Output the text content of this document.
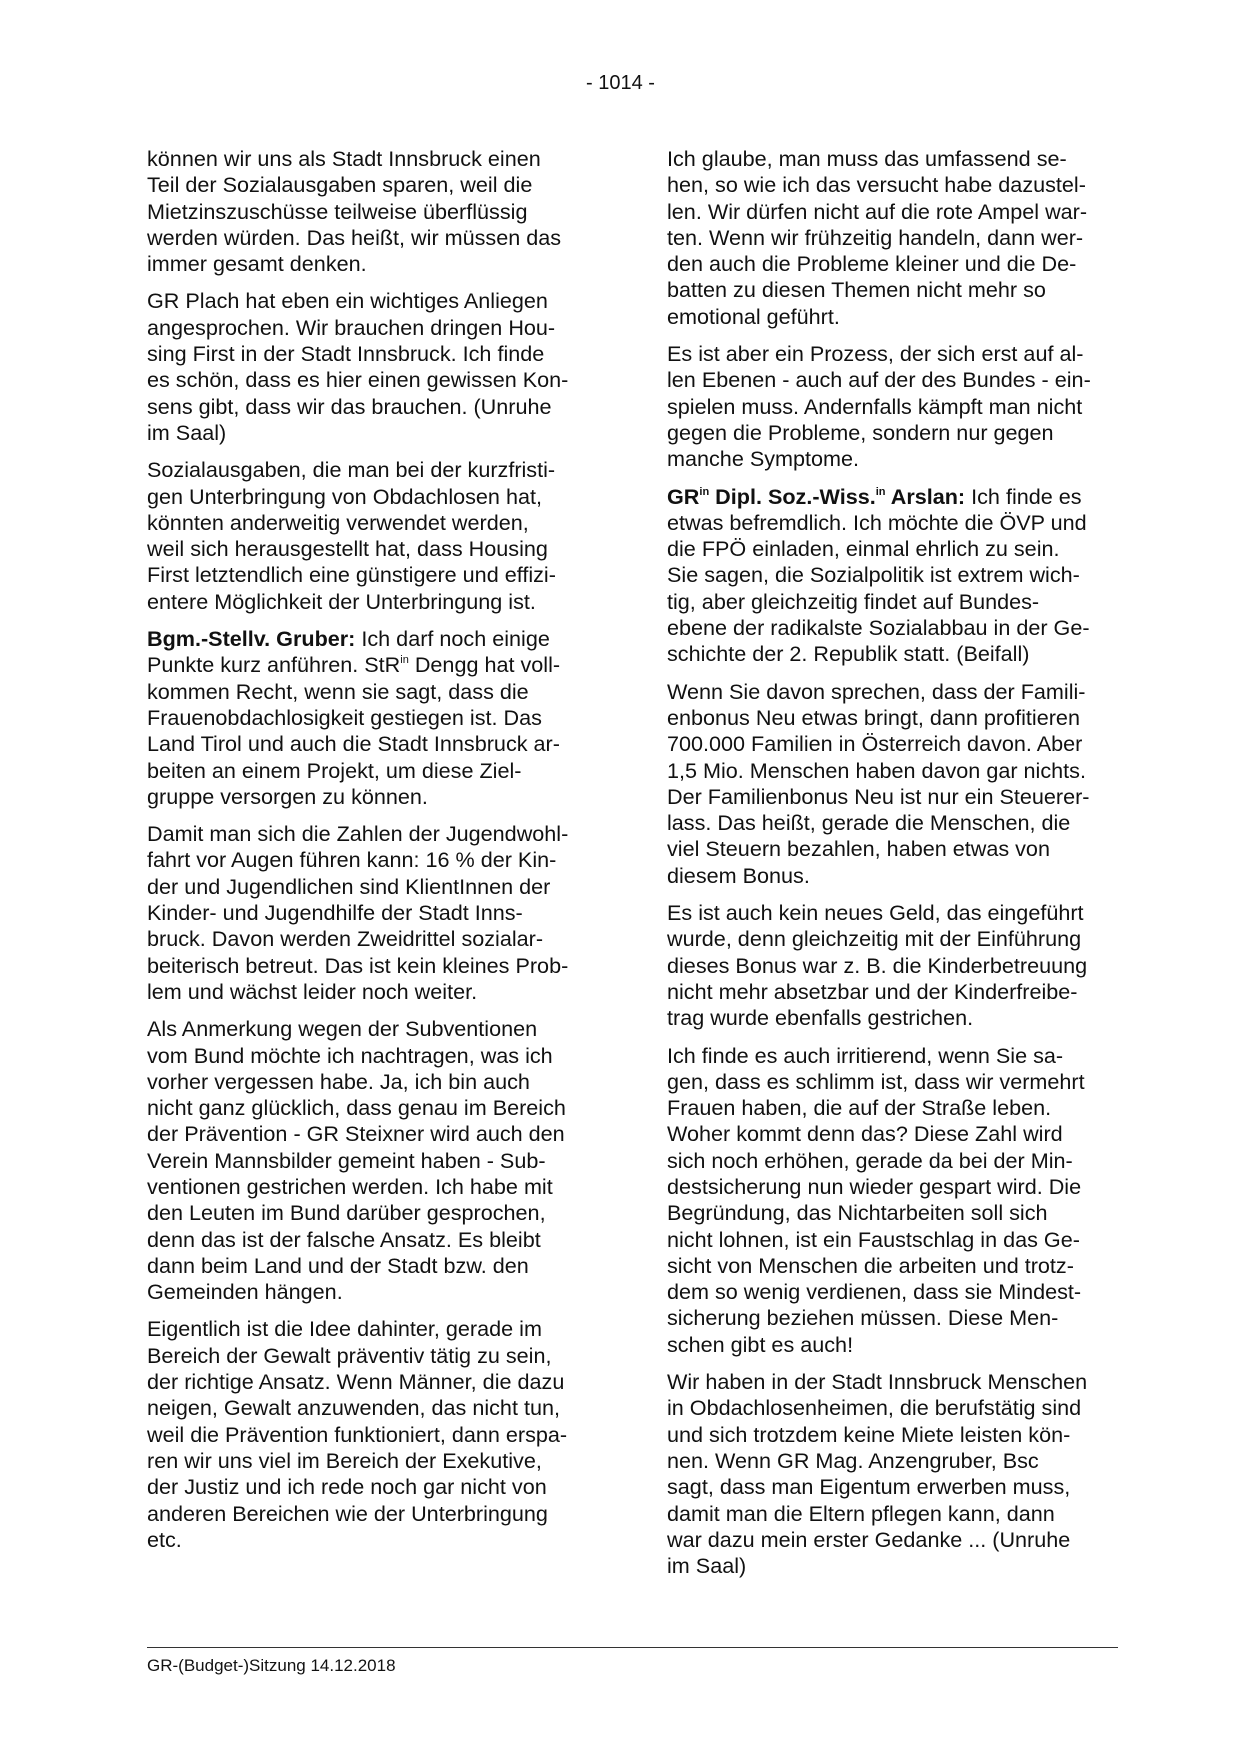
- 1014 -

können wir uns als Stadt Innsbruck einen
Teil der Sozialausgaben sparen, weil die
Mietzinszuschüsse teilweise überflüssig
werden würden. Das heißt, wir müssen das
immer gesamt denken.

GR Plach hat eben ein wichtiges Anliegen
angesprochen. Wir brauchen dringen Hou-
sing First in der Stadt Innsbruck. Ich finde
es schön, dass es hier einen gewissen Kon-
sens gibt, dass wir das brauchen. (Unruhe
im Saal)

Sozialausgaben, die man bei der kurzfristi-
gen Unterbringung von Obdachlosen hat,
könnten anderweitig verwendet werden,
weil sich herausgestellt hat, dass Housing
First letztendlich eine günstigere und effizi-
entere Möglichkeit der Unterbringung ist.

Bgm.-Stellv. Gruber: Ich darf noch einige
Punkte kurz anführen. StR$^{in}$ Dengg hat voll-
kommen Recht, wenn sie sagt, dass die
Frauenobdachlosigkeit gestiegen ist. Das
Land Tirol und auch die Stadt Innsbruck ar-
beiten an einem Projekt, um diese Ziel-
gruppe versorgen zu können.

Damit man sich die Zahlen der Jugendwohl-
fahrt vor Augen führen kann: 16 % der Kin-
der und Jugendlichen sind KlientInnen der
Kinder- und Jugendhilfe der Stadt Inns-
bruck. Davon werden Zweidrittel sozialar-
beiterisch betreut. Das ist kein kleines Prob-
lem und wächst leider noch weiter.

Als Anmerkung wegen der Subventionen
vom Bund möchte ich nachtragen, was ich
vorher vergessen habe. Ja, ich bin auch
nicht ganz glücklich, dass genau im Bereich
der Prävention - GR Steixner wird auch den
Verein Mannsbilder gemeint haben - Sub-
ventionen gestrichen werden. Ich habe mit
den Leuten im Bund darüber gesprochen,
denn das ist der falsche Ansatz. Es bleibt
dann beim Land und der Stadt bzw. den
Gemeinden hängen.

Eigentlich ist die Idee dahinter, gerade im
Bereich der Gewalt präventiv tätig zu sein,
der richtige Ansatz. Wenn Männer, die dazu
neigen, Gewalt anzuwenden, das nicht tun,
weil die Prävention funktioniert, dann erspa-
ren wir uns viel im Bereich der Exekutive,
der Justiz und ich rede noch gar nicht von
anderen Bereichen wie der Unterbringung
etc.

Ich glaube, man muss das umfassend se-
hen, so wie ich das versucht habe dazustel-
len. Wir dürfen nicht auf die rote Ampel war-
ten. Wenn wir frühzeitig handeln, dann wer-
den auch die Probleme kleiner und die De-
batten zu diesen Themen nicht mehr so
emotional geführt.

Es ist aber ein Prozess, der sich erst auf al-
len Ebenen - auch auf der des Bundes - ein-
spielen muss. Andernfalls kämpft man nicht
gegen die Probleme, sondern nur gegen
manche Symptome.

$GR^{in}$ Dipl. Soz.-Wiss.$^{in}$ Arslan: Ich finde es
etwas befremdlich. Ich möchte die ÖVP und
die FPÖ einladen, einmal ehrlich zu sein.
Sie sagen, die Sozialpolitik ist extrem wich-
tig, aber gleichzeitig findet auf Bundes-
ebene der radikalste Sozialabbau in der Ge-
schichte der 2. Republik statt. (Beifall)

Wenn Sie davon sprechen, dass der Famili-
enbonus Neu etwas bringt, dann profitieren
700.000 Familien in Österreich davon. Aber
1,5 Mio. Menschen haben davon gar nichts.
Der Familienbonus Neu ist nur ein Steuerer-
lass. Das heißt, gerade die Menschen, die
viel Steuern bezahlen, haben etwas von
diesem Bonus.

Es ist auch kein neues Geld, das eingeführt
wurde, denn gleichzeitig mit der Einführung
dieses Bonus war z. B. die Kinderbetreuung
nicht mehr absetzbar und der Kinderfreibe-
trag wurde ebenfalls gestrichen.

Ich finde es auch irritierend, wenn Sie sa-
gen, dass es schlimm ist, dass wir vermehrt
Frauen haben, die auf der Straße leben.
Woher kommt denn das? Diese Zahl wird
sich noch erhöhen, gerade da bei der Min-
destsicherung nun wieder gespart wird. Die
Begründung, das Nichtarbeiten soll sich
nicht lohnen, ist ein Faustschlag in das Ge-
sicht von Menschen die arbeiten und trotz-
dem so wenig verdienen, dass sie Mindest-
sicherung beziehen müssen. Diese Men-
schen gibt es auch!

Wir haben in der Stadt Innsbruck Menschen
in Obdachlosenheimen, die berufstätig sind
und sich trotzdem keine Miete leisten kön-
nen. Wenn GR Mag. Anzengruber, Bsc
sagt, dass man Eigentum erwerben muss,
damit man die Eltern pflegen kann, dann
war dazu mein erster Gedanke ... (Unruhe
im Saal)

GR-(Budget-)Sitzung 14.12.2018
